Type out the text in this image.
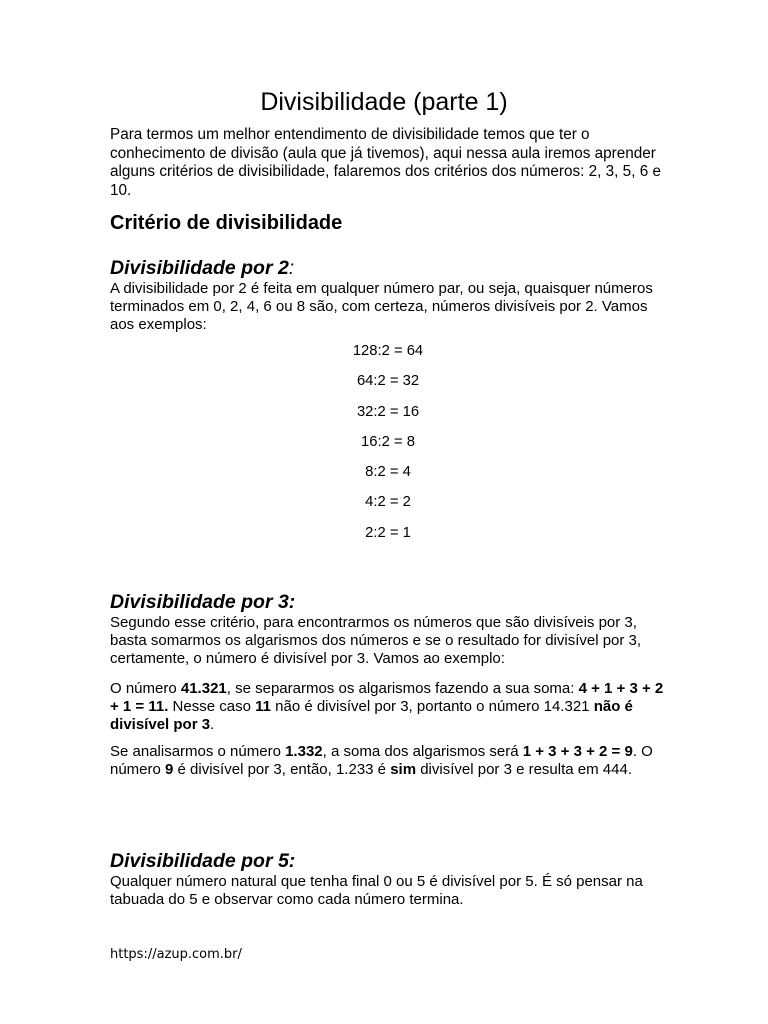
Divisibilidade (parte 1)

Para termos um melhor entendimento de divisibilidade temos que ter o conhecimento de divisão (aula que já tivemos), aqui nessa aula iremos aprender alguns critérios de divisibilidade, falaremos dos critérios dos números: 2, 3, 5, 6 e 10.

Critério de divisibilidade
Divisibilidade por 2:

A divisibilidade por 2 é feita em qualquer número par, ou seja, quaisquer números terminados em 0, 2, 4, 6 ou 8 são, com certeza, números divisíveis por 2. Vamos aos exemplos:

128:2 = 64
64:2 = 32
32:2 = 16
16:2 = 8
8:2 = 4
4:2 = 2
2:2 = 1
Divisibilidade por 3:

Segundo esse critério, para encontrarmos os números que são divisíveis por 3, basta somarmos os algarismos dos números e se o resultado for divisível por 3, certamente, o número é divisível por 3. Vamos ao exemplo:

O número 41.321, se separarmos os algarismos fazendo a sua soma: 4 + 1 + 3 + 2 + 1 = 11. Nesse caso 11 não é divisível por 3, portanto o número 14.321 não é divisível por 3.

Se analisarmos o número 1.332, a soma dos algarismos será 1 + 3 + 3 + 2 = 9. O número 9 é divisível por 3, então, 1.233 é sim divisível por 3 e resulta em 444.

Divisibilidade por 5:

Qualquer número natural que tenha final 0 ou 5 é divisível por 5. É só pensar na tabuada do 5 e observar como cada número termina.

https://azup.com.br/
